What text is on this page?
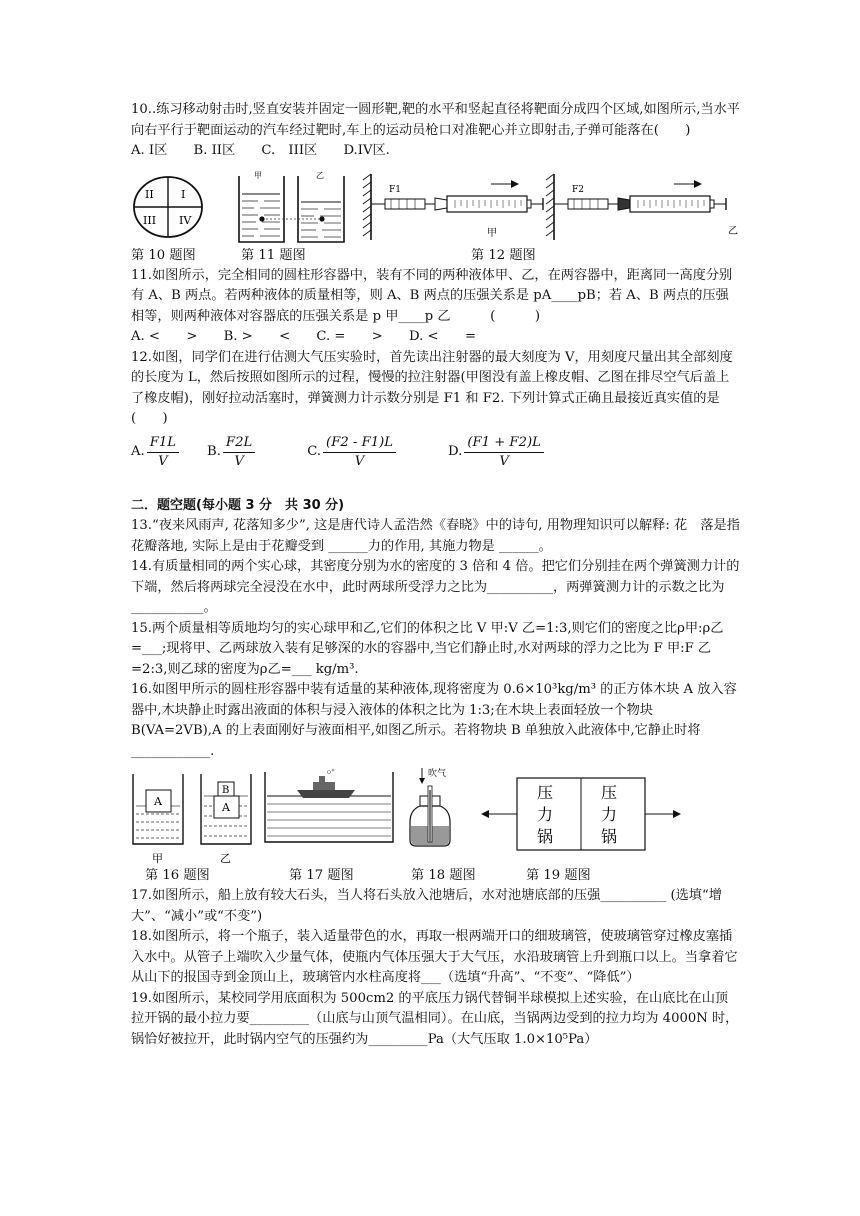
10..练习移动射击时,竖直安装并固定一圆形靶,靶的水平和竖起直径将靶面分成四个区域,如图所示,当水平向右平行于靶面运动的汽车经过靶时,车上的运动员枪口对准靶心并立即射击,子弹可能落在(　　)

A. I区 B. II区 C.　III区 D.IV区.
II I
III IV
甲	乙
F1
甲
F2
乙
第 10 题图	第 11 题图	第 12 题图

11.如图所示，完全相同的圆柱形容器中，装有不同的两种液体甲、乙，在两容器中，距离同一高度分别有 A、B 两点。若两种液体的质量相等，则 A、B 两点的压强关系是 pA____pB；若 A、B 两点的压强相等，则两种液体对容器底的压强关系是 p 甲____p 乙　　　(　　　)

A. <　　> B. >　　< C. =　　> D. <　　=

12.如图，同学们在进行估测大气压实验时，首先读出注射器的最大刻度为 V，用刻度尺量出其全部刻度的长度为 L，然后按照如图所示的过程，慢慢的拉注射器(甲图没有盖上橡皮帽、乙图在排尽空气后盖上了橡皮帽)，刚好拉动活塞时，弹簧测力计示数分别是 F1 和 F2. 下列计算式正确且最接近真实值的是(　　)

A. $\frac{F1L}{V} B$. $\frac{F2L}{V}$	C. $\frac{(F2 - F1)L}{V}$	D. $\frac{(F1 + F2)L}{V}$

二．题空题(每小题 3 分　共 30 分)

13.“夜来风雨声, 花落知多少”, 这是唐代诗人孟浩然《春晓》中的诗句, 用物理知识可以解释: 花　落是指花瓣落地, 实际上是由于花瓣受到 ______力的作用, 其施力物是 ______。

14.有质量相同的两个实心球，其密度分别为水的密度的 3 倍和 4 倍。把它们分别挂在两个弹簧测力计的下端，然后将两球完全浸没在水中，此时两球所受浮力之比为__________，两弹簧测力计的示数之比为___________。

15.两个质量相等质地均匀的实心球甲和乙,它们的体积之比 V 甲:V 乙=1:3,则它们的密度之比ρ甲:ρ乙=___;现将甲、乙两球放入装有足够深的水的容器中,当它们静止时,水对两球的浮力之比为 F 甲:F 乙=2:3,则乙球的密度为ρ乙=___ kg/m³.

16.如图甲所示的圆柱形容器中装有适量的某种液体,现将密度为 0.6×10³kg/m³ 的正方体木块 A 放入容器中,木块静止时露出液面的体积与浸入液体的体积之比为 1:3;在木块上表面轻放一个物块 B(VA=2VB),A 的上表面刚好与液面相平,如图乙所示。若将物块 B 单独放入此液体中,它静止时将____________.

A
甲
B
A
乙
吹气
压
力
锅
压
力
锅
第 16 题图	第 17 题图	第 18 题图	第 19 题图

17.如图所示，船上放有较大石头，当人将石头放入池塘后，水对池塘底部的压强__________ (选填“增大”、“减小”或“不变”)

18.如图所示，将一个瓶子，装入适量带色的水，再取一根两端开口的细玻璃管，使玻璃管穿过橡皮塞插入水中。从管子上端吹入少量气体，使瓶内气体压强大于大气压，水沿玻璃管上升到瓶口以上。当拿着它从山下的报国寺到金顶山上，玻璃管内水柱高度将___（选填“升高”、“不变”、“降低”）

19.如图所示，某校同学用底面积为 500cm2 的平底压力锅代替铜半球模拟上述实验，在山底比在山顶拉开锅的最小拉力要_________（山底与山顶气温相同）。在山底，当锅两边受到的拉力均为 4000N 时，锅恰好被拉开，此时锅内空气的压强约为_________Pa（大气压取 1.0×10⁵Pa）
